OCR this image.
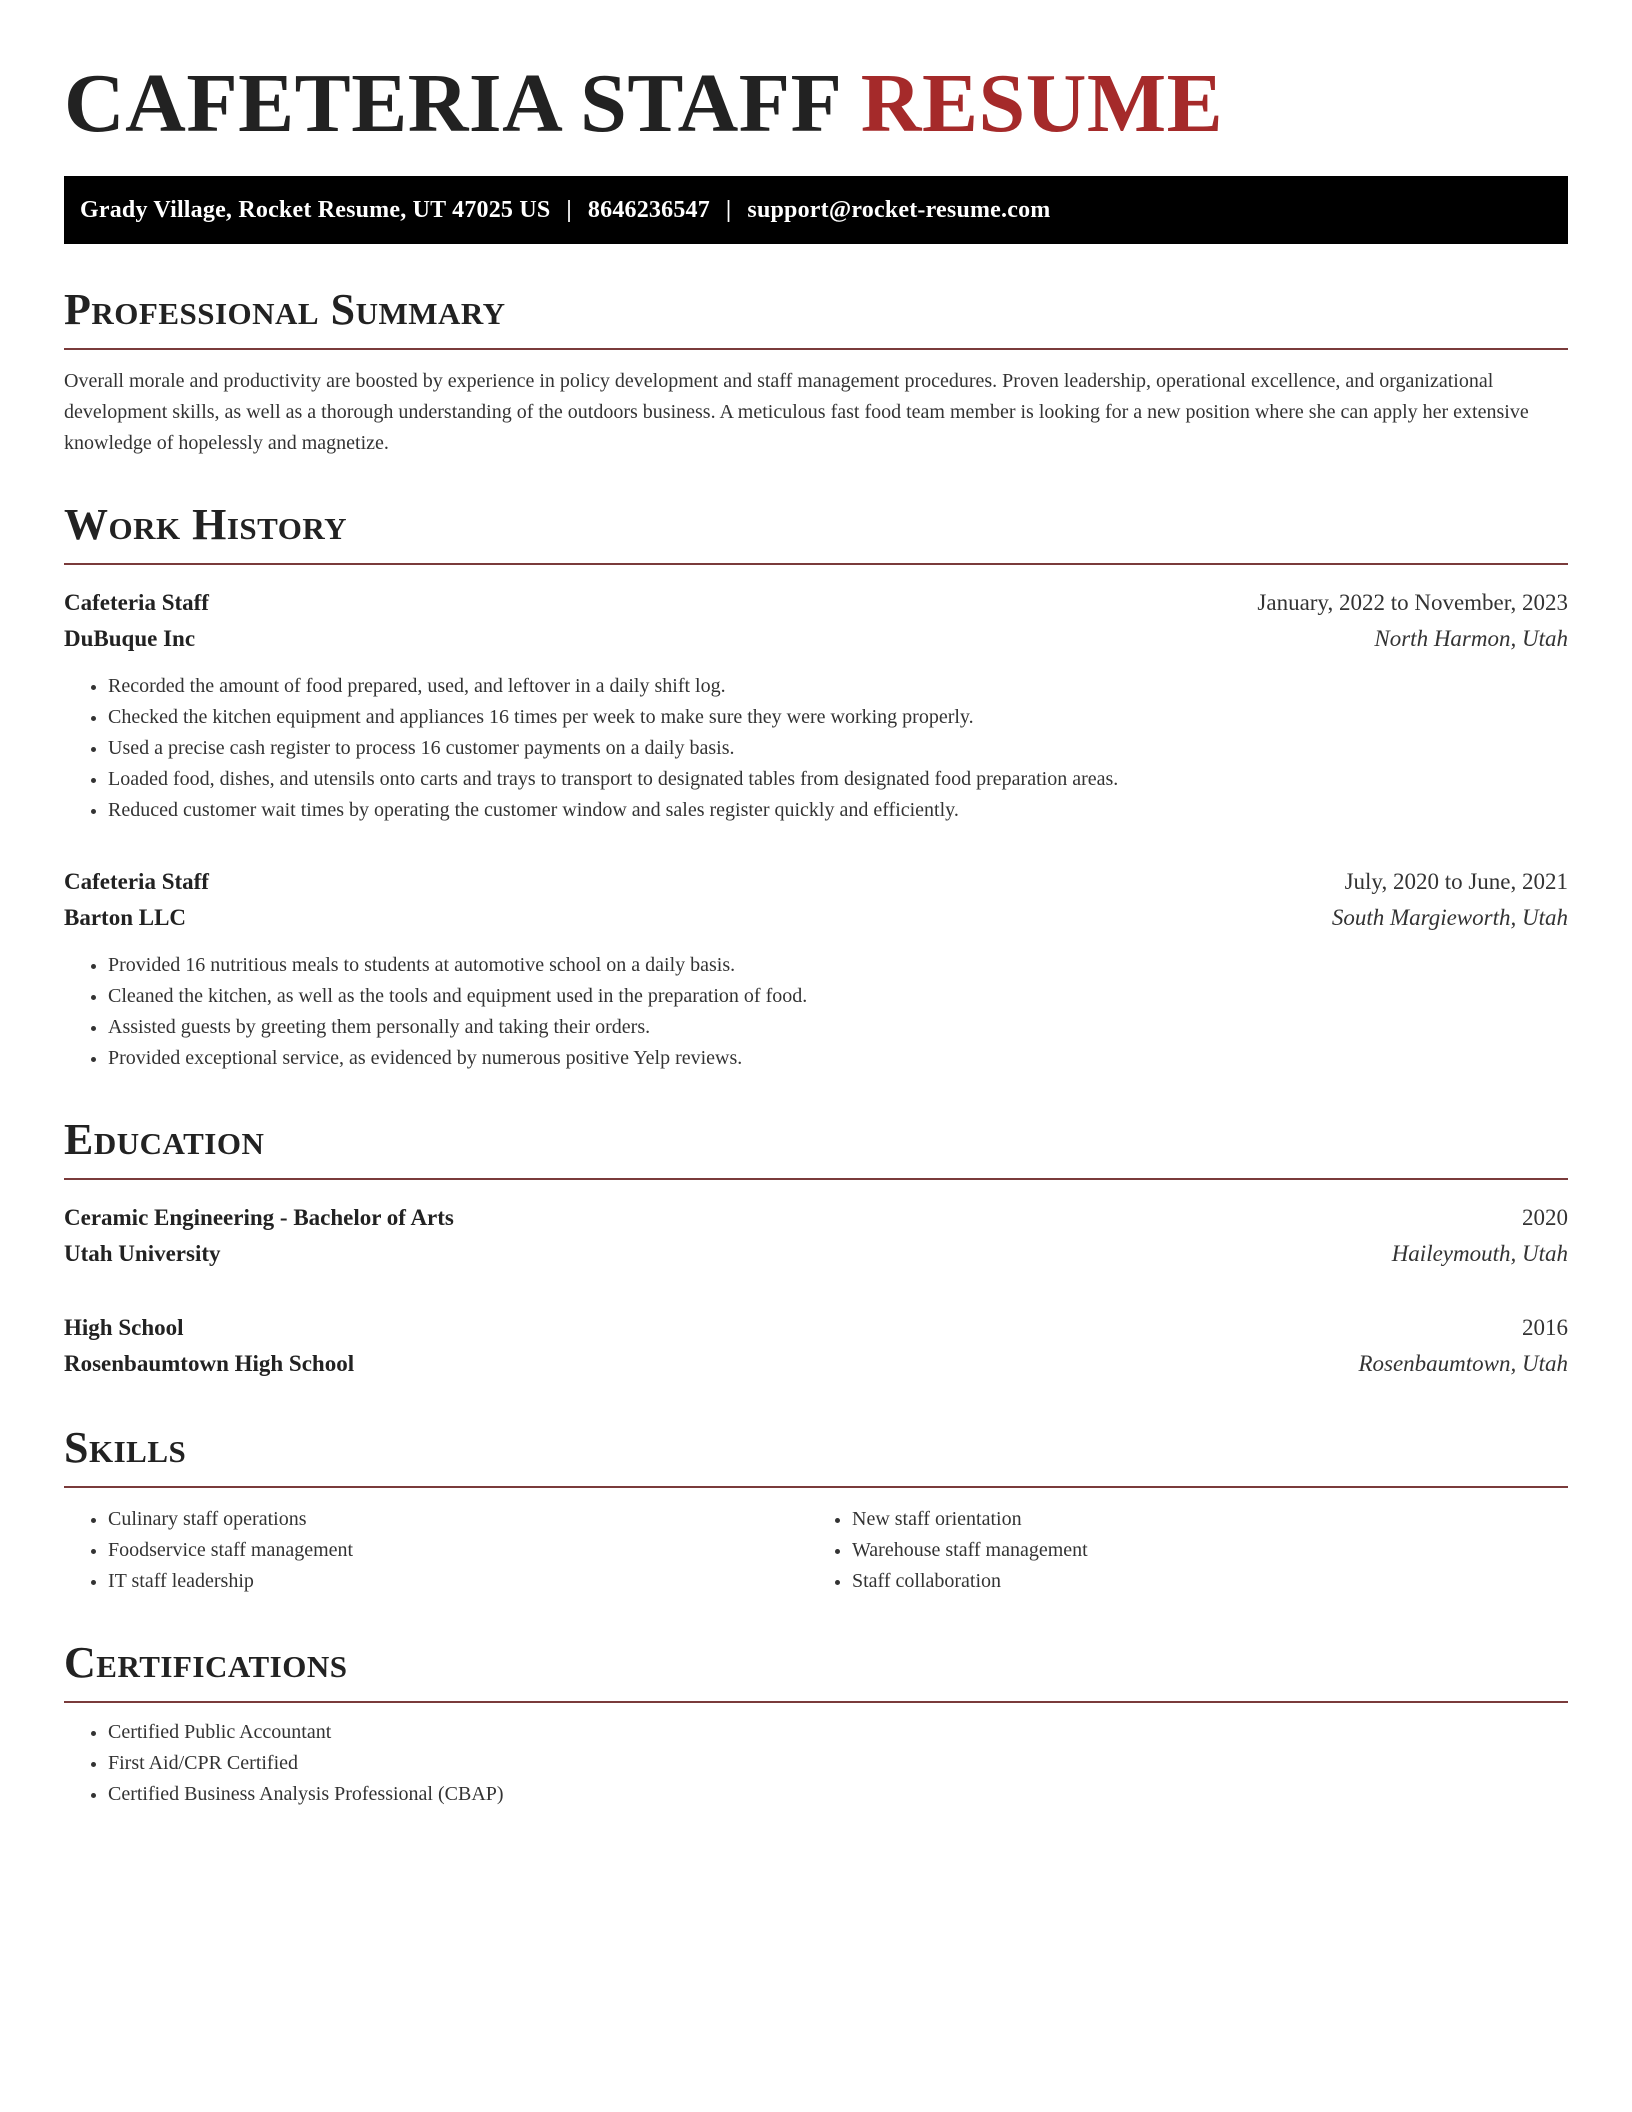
CAFETERIA STAFF RESUME
Grady Village, Rocket Resume, UT 47025 US | 8646236547 | support@rocket-resume.com
Professional Summary

Overall morale and productivity are boosted by experience in policy development and staff management procedures. Proven leadership, operational excellence, and organizational development skills, as well as a thorough understanding of the outdoors business. A meticulous fast food team member is looking for a new position where she can apply her extensive knowledge of hopelessly and magnetize.

Work History
Cafeteria Staff	January, 2022 to November, 2023
DuBuque Inc	North Harmon, Utah
• Recorded the amount of food prepared, used, and leftover in a daily shift log.
• Checked the kitchen equipment and appliances 16 times per week to make sure they were working properly.
• Used a precise cash register to process 16 customer payments on a daily basis.
• Loaded food, dishes, and utensils onto carts and trays to transport to designated tables from designated food preparation areas.
• Reduced customer wait times by operating the customer window and sales register quickly and efficiently.
Cafeteria Staff	July, 2020 to June, 2021
Barton LLC	South Margieworth, Utah
• Provided 16 nutritious meals to students at automotive school on a daily basis.
• Cleaned the kitchen, as well as the tools and equipment used in the preparation of food.
• Assisted guests by greeting them personally and taking their orders.
• Provided exceptional service, as evidenced by numerous positive Yelp reviews.
Education
Ceramic Engineering - Bachelor of Arts	2020
Utah University	Haileymouth, Utah
High School	2016
Rosenbaumtown High School	Rosenbaumtown, Utah
Skills
• Culinary staff operations
• Foodservice staff management
• IT staff leadership
• New staff orientation
• Warehouse staff management
• Staff collaboration
Certifications
• Certified Public Accountant
• First Aid/CPR Certified
• Certified Business Analysis Professional (CBAP)
